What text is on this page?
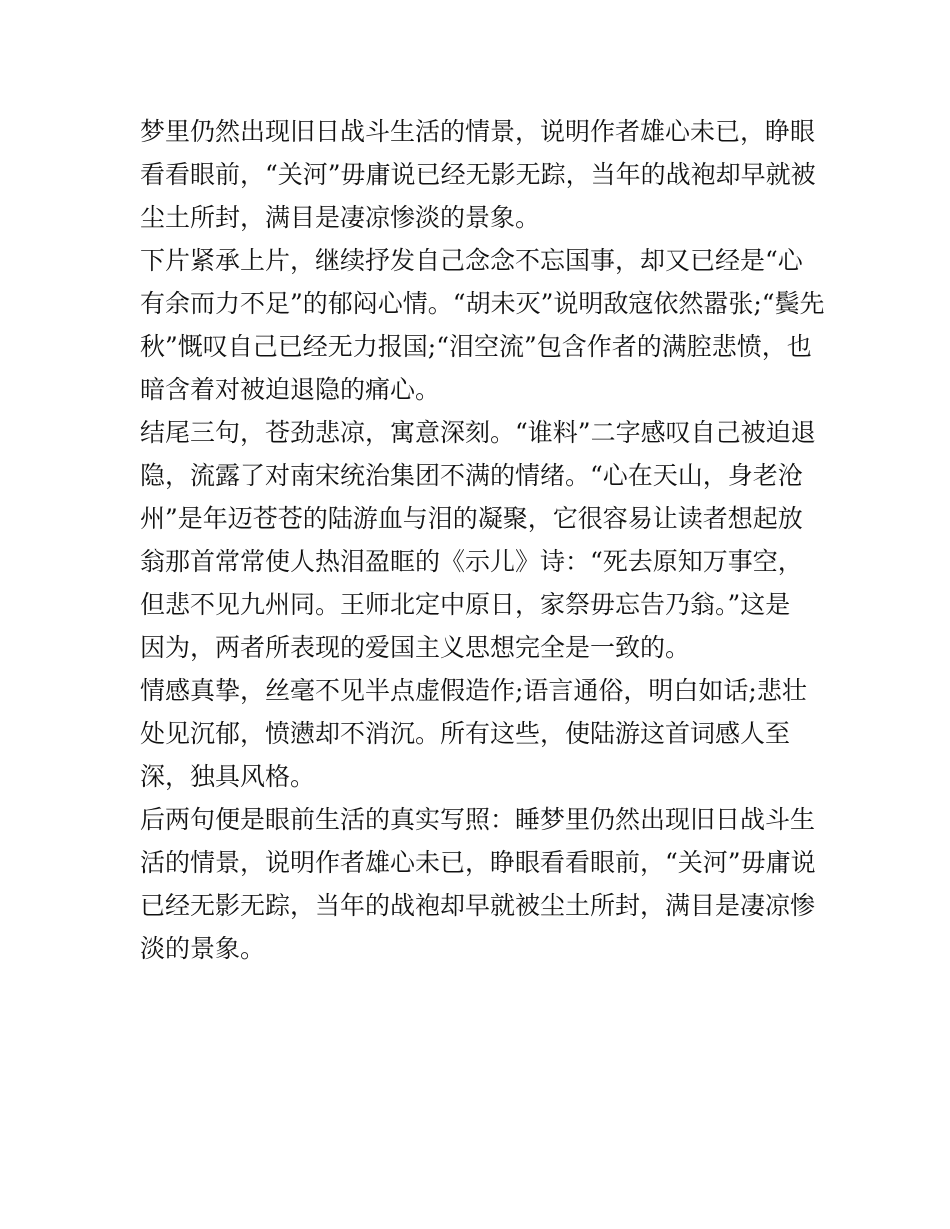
梦里仍然出现旧日战斗生活的情景，说明作者雄心未已，睁眼
看看眼前，“关河”毋庸说已经无影无踪，当年的战袍却早就被
尘土所封，满目是凄凉惨淡的景象。
下片紧承上片，继续抒发自己念念不忘国事，却又已经是“心
有余而力不足”的郁闷心情。“胡未灭”说明敌寇依然嚣张;“鬓先
秋”慨叹自己已经无力报国;“泪空流”包含作者的满腔悲愤，也
暗含着对被迫退隐的痛心。
结尾三句，苍劲悲凉，寓意深刻。“谁料”二字感叹自己被迫退
隐，流露了对南宋统治集团不满的情绪。“心在天山，身老沧
州”是年迈苍苍的陆游血与泪的凝聚，它很容易让读者想起放
翁那首常常使人热泪盈眶的《示儿》诗：“死去原知万事空，
但悲不见九州同。王师北定中原日，家祭毋忘告乃翁。”这是
因为，两者所表现的爱国主义思想完全是一致的。
情感真挚，丝毫不见半点虚假造作;语言通俗，明白如话;悲壮
处见沉郁，愤懑却不消沉。所有这些，使陆游这首词感人至
深，独具风格。
后两句便是眼前生活的真实写照：睡梦里仍然出现旧日战斗生
活的情景，说明作者雄心未已，睁眼看看眼前，“关河”毋庸说
已经无影无踪，当年的战袍却早就被尘土所封，满目是凄凉惨
淡的景象。
